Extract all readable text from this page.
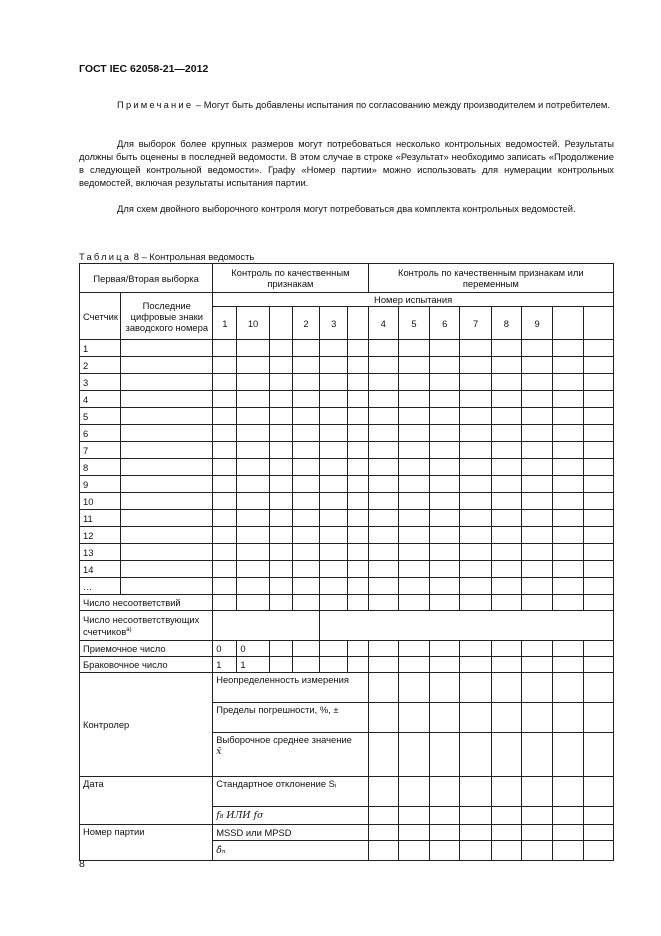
ГОСТ IEC 62058-21—2012
Примечание – Могут быть добавлены испытания по согласованию между производителем и потребителем.
Для выборок более крупных размеров могут потребоваться несколько контрольных ведомостей. Результаты должны быть оценены в последней ведомости. В этом случае в строке «Результат» необходимо записать «Продолжение в следующей контрольной ведомости». Графу «Номер партии» можно использовать для нумерации контрольных ведомостей, включая результаты испытания партии.
Для схем двойного выборочного контроля могут потребоваться два комплекта контрольных ведомостей.
Таблица 8 – Контрольная ведомость
Первая/Вторая выборка		Контроль по качественным признакам						Контроль по качественным признакам или переменным							
Счетчик	Последние цифровые знаки заводского номера	Номер испытания													
		1	10		2	3		4	5	6	7	8	9		
1															
2															
3															
4															
5															
6															
7															
8															
9															
10															
11															
12															
13															
14															
…															
Число несоответствий															
Число несоответствующих счетчиков$^{a)}$		
Приемочное число		0	0												
Браковочное число		1	1												
Контролер		Неопределенность измерения													
		Пределы погрешности, %, ±													
		Выборочное среднее значение
x̄													
Дата		Стандартное отклонение Sᵢ													
		f₈ ИЛИ fσ													
Номер партии		MSSD или MPSD													
		δ̂ₙ													
8
